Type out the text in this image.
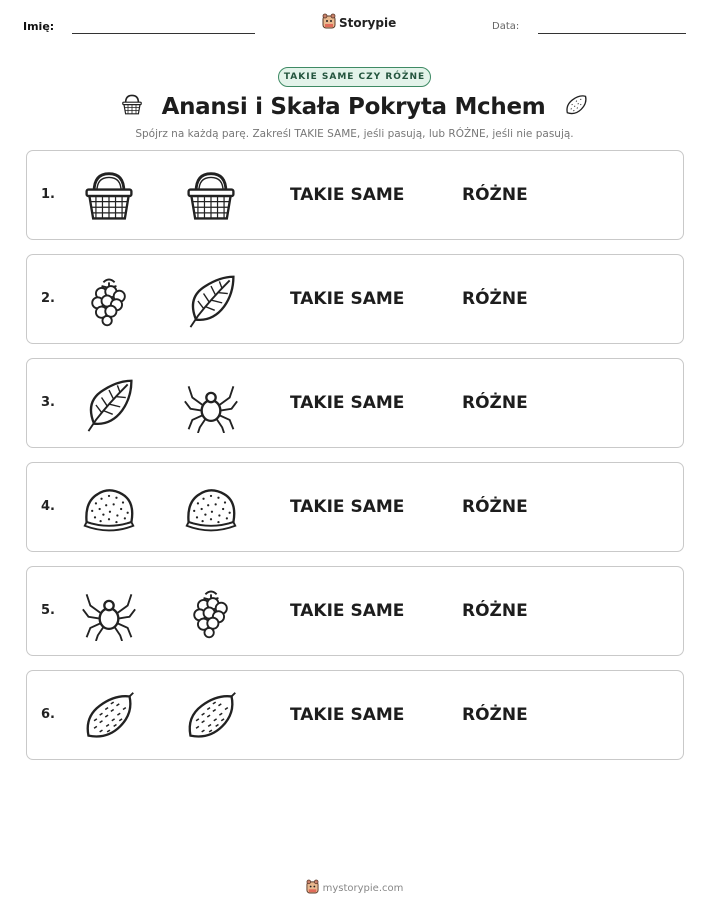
Imię:	Storypie	Data:
TAKIE SAME CZY RÓŻNE
Anansi i Skała Pokryta Mchem
Spójrz na każdą parę. Zakreśl TAKIE SAME, jeśli pasują, lub RÓŻNE, jeśli nie pasują.
1.	TAKIE SAME	RÓŻNE
2.	TAKIE SAME	RÓŻNE
3.	TAKIE SAME	RÓŻNE
4.	TAKIE SAME	RÓŻNE
5.	TAKIE SAME	RÓŻNE
6.	TAKIE SAME	RÓŻNE
mystorypie.com
